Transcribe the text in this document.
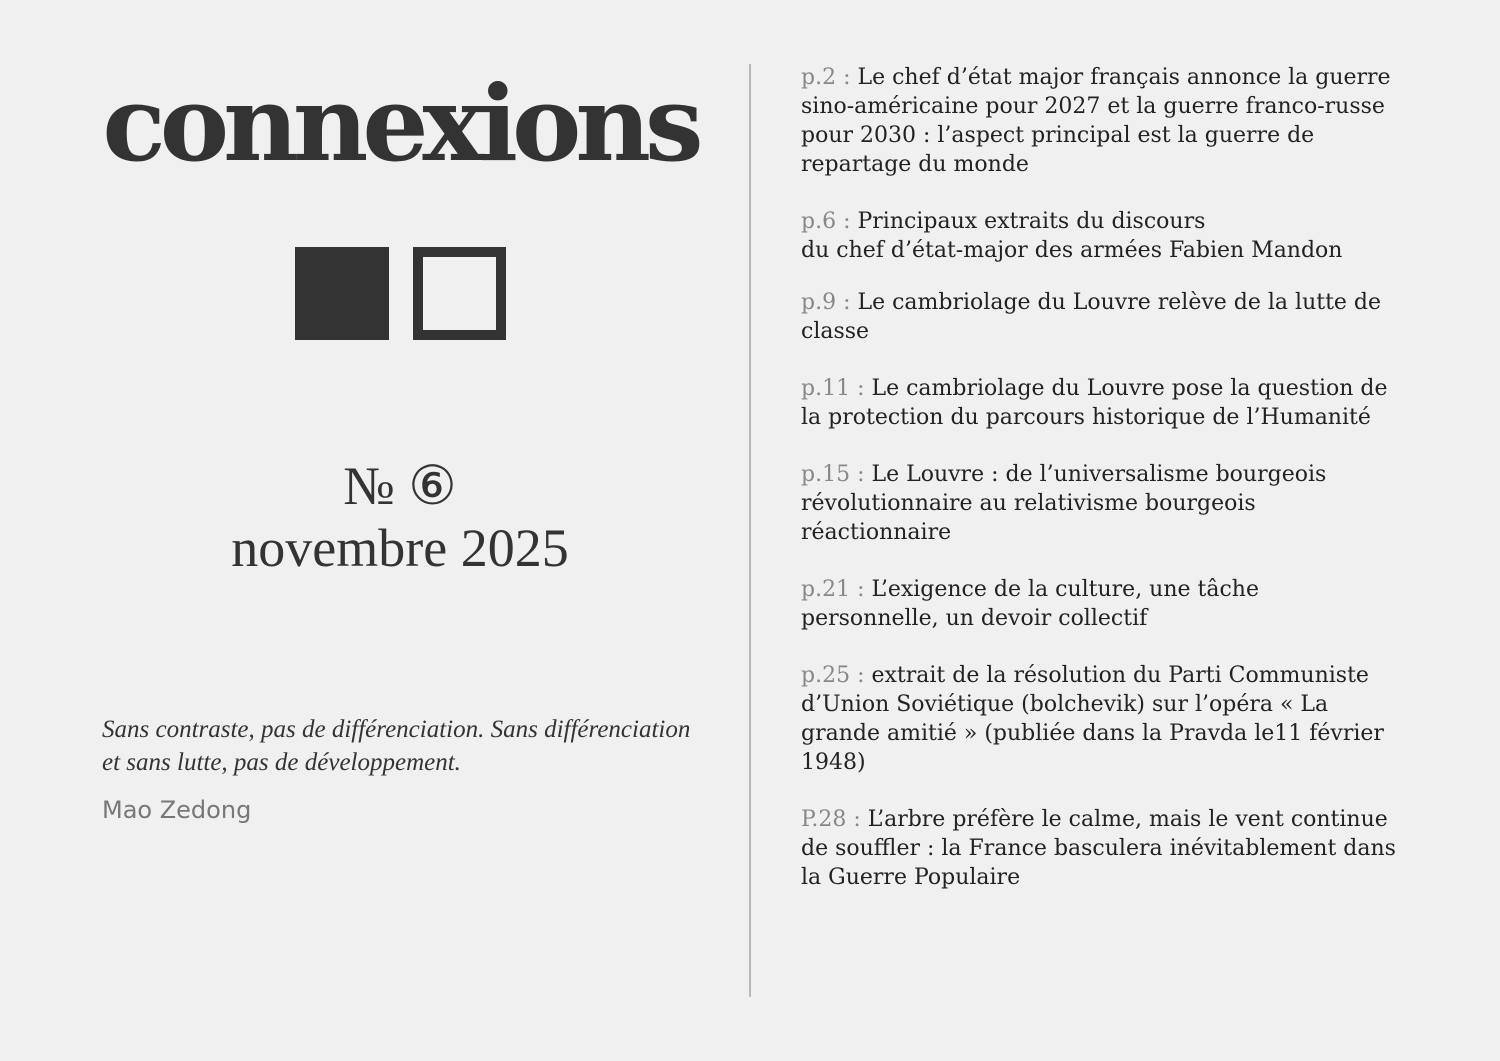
connexions
№ ⑥
novembre 2025
Sans contraste, pas de différenciation. Sans différenciation et sans lutte, pas de développement.
Mao Zedong
p.2 : Le chef d’état major français annonce la guerre sino-américaine pour 2027 et la guerre franco-russe pour 2030 : l’aspect principal est la guerre de repartage du monde
p.6 : Principaux extraits du discours
du chef d’état-major des armées Fabien Mandon
p.9 : Le cambriolage du Louvre relève de la lutte de classe
p.11 : Le cambriolage du Louvre pose la question de la protection du parcours historique de l’Humanité
p.15 : Le Louvre : de l’universalisme bourgeois révolutionnaire au relativisme bourgeois réactionnaire
p.21 : L’exigence de la culture, une tâche personnelle, un devoir collectif
p.25 : extrait de la résolution du Parti Communiste d’Union Soviétique (bolchevik) sur l’opéra « La grande amitié » (publiée dans la Pravda le11 février 1948)
P.28 : L’arbre préfère le calme, mais le vent continue de souffler : la France basculera inévitablement dans la Guerre Populaire
